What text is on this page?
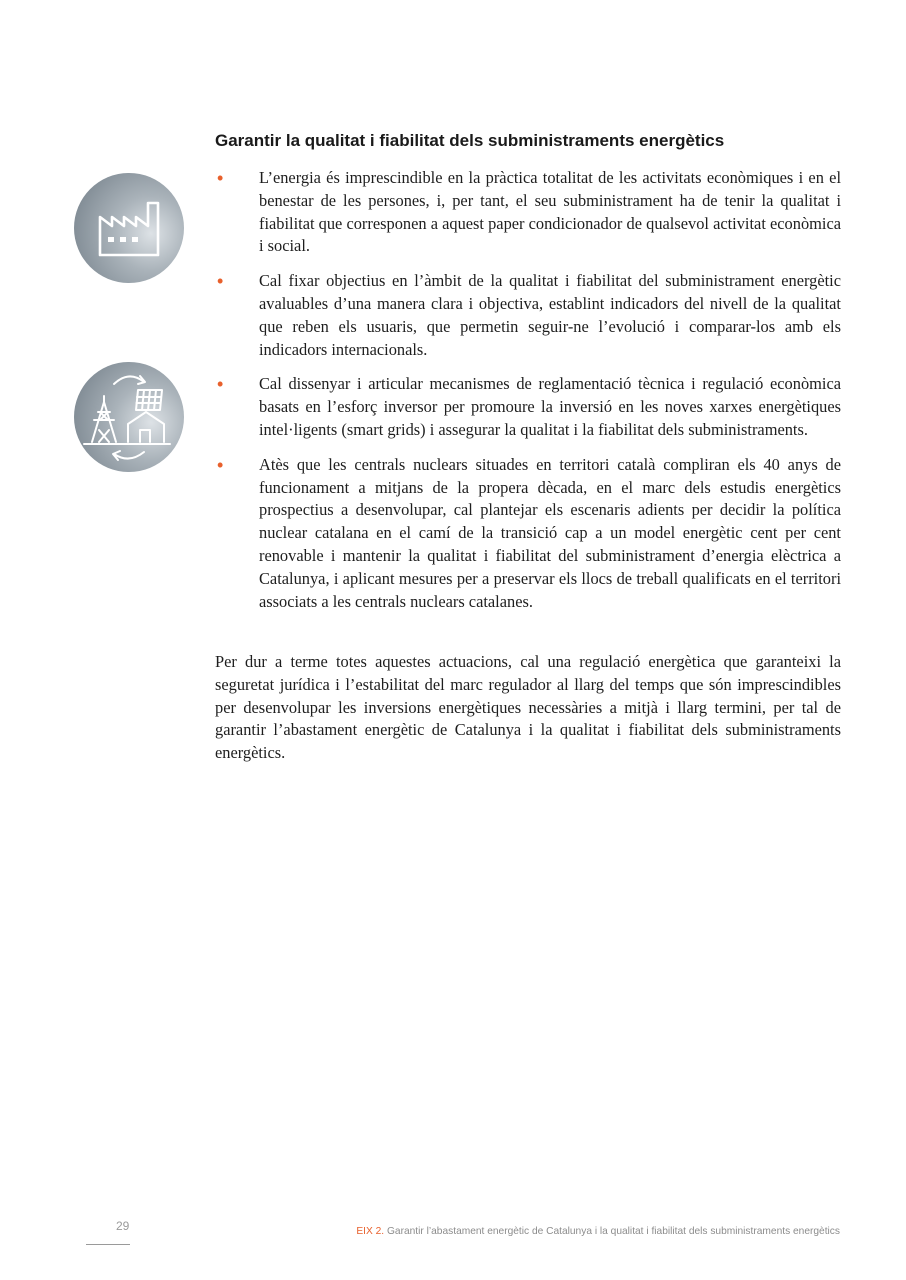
Garantir la qualitat i fiabilitat dels subministraments energètics
• L’energia és imprescindible en la pràctica totalitat de les activitats econòmiques i en el benestar de les persones, i, per tant, el seu subministrament ha de tenir la qualitat i fiabilitat que corresponen a aquest paper condicionador de qualsevol activitat econòmica i social.
• Cal fixar objectius en l’àmbit de la qualitat i fiabilitat del subministrament energètic avaluables d’una manera clara i objectiva, establint indicadors del nivell de la qualitat que reben els usuaris, que permetin seguir-ne l’evolució i comparar-los amb els indicadors internacionals.
• Cal dissenyar i articular mecanismes de reglamentació tècnica i regulació econòmica basats en l’esforç inversor per promoure la inversió en les noves xarxes energètiques intel·ligents (smart grids) i assegurar la qualitat i la fiabilitat dels subministraments.
• Atès que les centrals nuclears situades en territori català compliran els 40 anys de funcionament a mitjans de la propera dècada, en el marc dels estudis energètics prospectius a desenvolupar, cal plantejar els escenaris adients per decidir la política nuclear catalana en el camí de la transició cap a un model energètic cent per cent renovable i mantenir la qualitat i fiabilitat del subministrament d’energia elèctrica a Catalunya, i aplicant mesures per a preservar els llocs de treball qualificats en el territori associats a les centrals nuclears catalanes.

Per dur a terme totes aquestes actuacions, cal una regulació energètica que garanteixi la seguretat jurídica i l’estabilitat del marc regulador al llarg del temps que són imprescindibles per desenvolupar les inversions energètiques necessàries a mitjà i llarg termini, per tal de garantir l’abastament energètic de Catalunya i la qualitat i fiabilitat dels subministraments energètics.

29	EIX 2. Garantir l’abastament energètic de Catalunya i la qualitat i fiabilitat dels subministraments energètics
